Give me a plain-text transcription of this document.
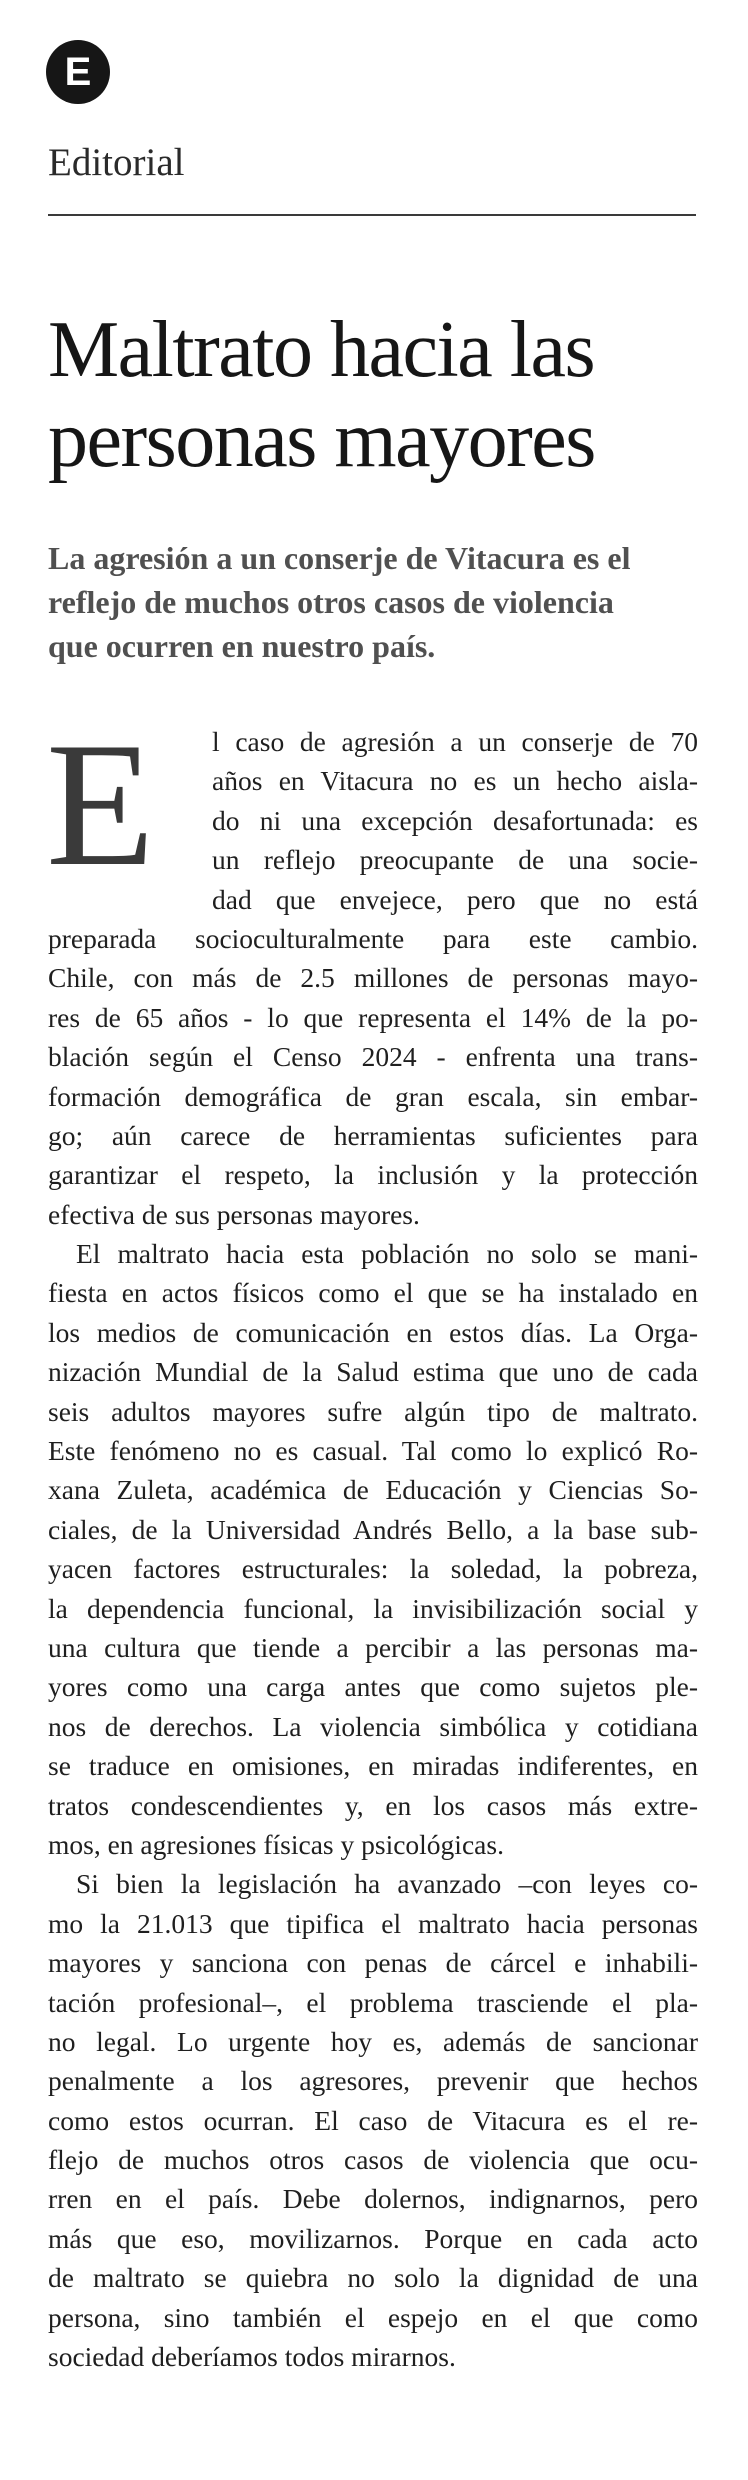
E
Editorial
Maltrato hacia las
personas mayores
La agresión a un conserje de Vitacura es el
reflejo de muchos otros casos de violencia
que ocurren en nuestro país.
E	l caso de agresión a un conserje de 70
años en Vitacura no es un hecho aisla-
do ni una excepción desafortunada: es
un reflejo preocupante de una socie-
dad que envejece, pero que no está
preparada socioculturalmente para este cambio.
Chile, con más de 2.5 millones de personas mayo-
res de 65 años - lo que representa el 14% de la po-
blación según el Censo 2024 - enfrenta una trans-
formación demográfica de gran escala, sin embar-
go; aún carece de herramientas suficientes para
garantizar el respeto, la inclusión y la protección
efectiva de sus personas mayores.
El maltrato hacia esta población no solo se mani-
fiesta en actos físicos como el que se ha instalado en
los medios de comunicación en estos días. La Orga-
nización Mundial de la Salud estima que uno de cada
seis adultos mayores sufre algún tipo de maltrato.
Este fenómeno no es casual. Tal como lo explicó Ro-
xana Zuleta, académica de Educación y Ciencias So-
ciales, de la Universidad Andrés Bello, a la base sub-
yacen factores estructurales: la soledad, la pobreza,
la dependencia funcional, la invisibilización social y
una cultura que tiende a percibir a las personas ma-
yores como una carga antes que como sujetos ple-
nos de derechos. La violencia simbólica y cotidiana
se traduce en omisiones, en miradas indiferentes, en
tratos condescendientes y, en los casos más extre-
mos, en agresiones físicas y psicológicas.
Si bien la legislación ha avanzado –con leyes co-
mo la 21.013 que tipifica el maltrato hacia personas
mayores y sanciona con penas de cárcel e inhabili-
tación profesional–, el problema trasciende el pla-
no legal. Lo urgente hoy es, además de sancionar
penalmente a los agresores, prevenir que hechos
como estos ocurran. El caso de Vitacura es el re-
flejo de muchos otros casos de violencia que ocu-
rren en el país. Debe dolernos, indignarnos, pero
más que eso, movilizarnos. Porque en cada acto
de maltrato se quiebra no solo la dignidad de una
persona, sino también el espejo en el que como
sociedad deberíamos todos mirarnos.
